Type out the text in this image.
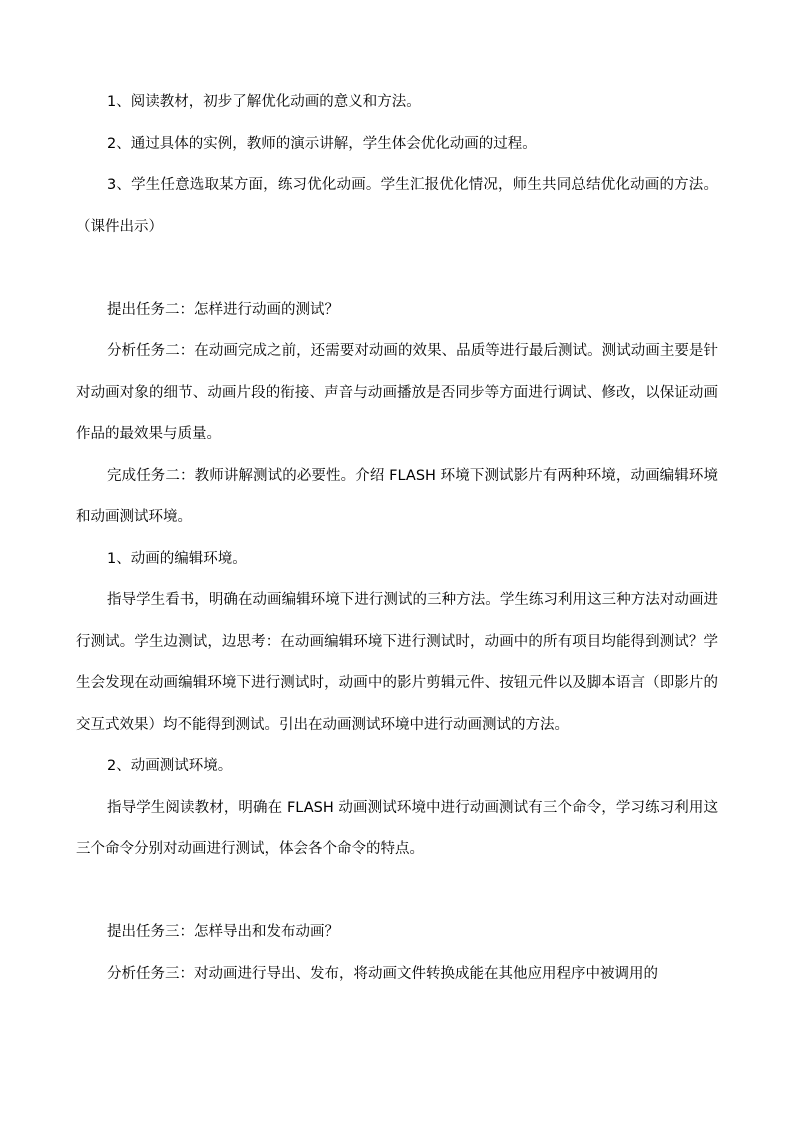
1、阅读教材，初步了解优化动画的意义和方法。

2、通过具体的实例，教师的演示讲解，学生体会优化动画的过程。

3、学生任意选取某方面，练习优化动画。学生汇报优化情况，师生共同总结优化动画的方法。（课件出示）

提出任务二：怎样进行动画的测试？

分析任务二：在动画完成之前，还需要对动画的效果、品质等进行最后测试。测试动画主要是针对动画对象的细节、动画片段的衔接、声音与动画播放是否同步等方面进行调试、修改，以保证动画作品的最效果与质量。

完成任务二：教师讲解测试的必要性。介绍 FLASH 环境下测试影片有两种环境，动画编辑环境和动画测试环境。

1、动画的编辑环境。

指导学生看书，明确在动画编辑环境下进行测试的三种方法。学生练习利用这三种方法对动画进行测试。学生边测试，边思考：在动画编辑环境下进行测试时，动画中的所有项目均能得到测试？学生会发现在动画编辑环境下进行测试时，动画中的影片剪辑元件、按钮元件以及脚本语言（即影片的交互式效果）均不能得到测试。引出在动画测试环境中进行动画测试的方法。

2、动画测试环境。

指导学生阅读教材，明确在 FLASH 动画测试环境中进行动画测试有三个命令，学习练习利用这三个命令分别对动画进行测试，体会各个命令的特点。

提出任务三：怎样导出和发布动画？

分析任务三：对动画进行导出、发布，将动画文件转换成能在其他应用程序中被调用的
